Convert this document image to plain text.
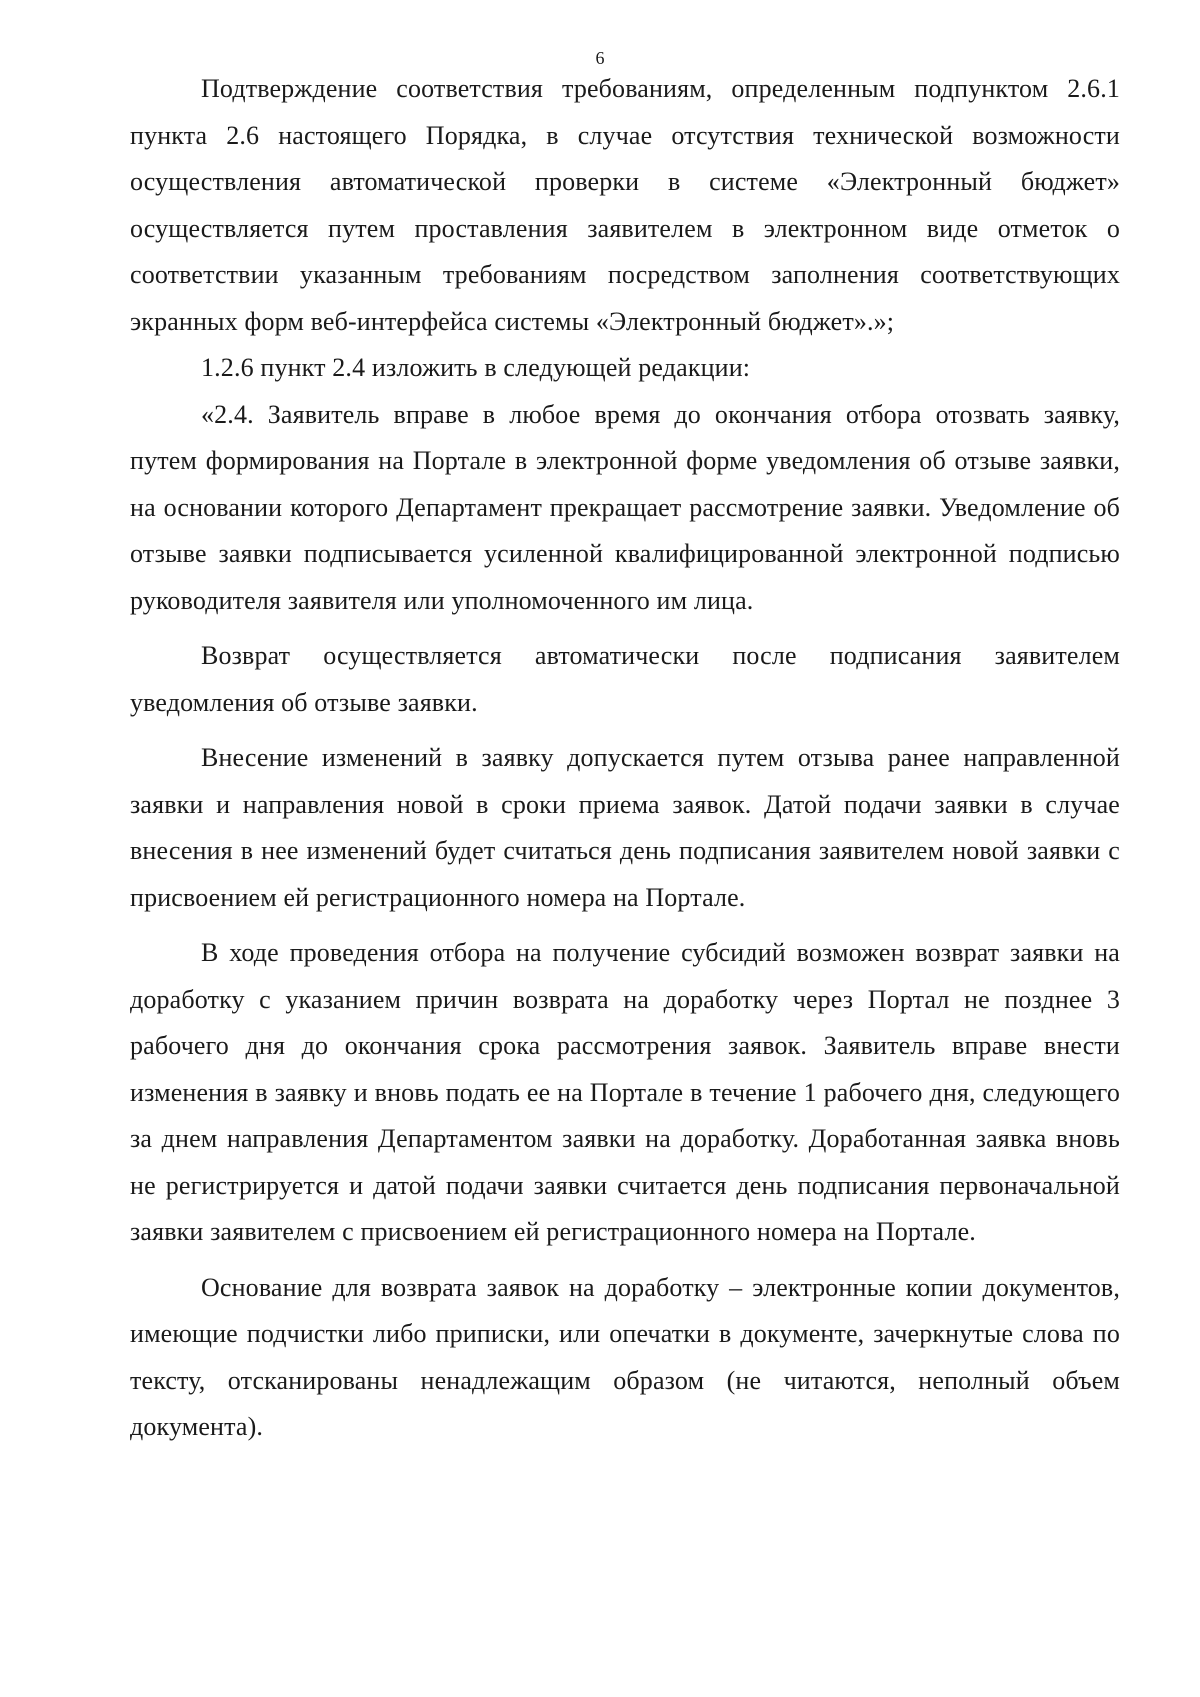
6

Подтверждение соответствия требованиям, определенным подпунктом 2.6.1 пункта 2.6 настоящего Порядка, в случае отсутствия технической возможности осуществления автоматической проверки в системе «Электронный бюджет» осуществляется путем проставления заявителем в электронном виде отметок о соответствии указанным требованиям посредством заполнения соответствующих экранных форм веб-интерфейса системы «Электронный бюджет».»;

1.2.6 пункт 2.4 изложить в следующей редакции:

«2.4. Заявитель вправе в любое время до окончания отбора отозвать заявку, путем формирования на Портале в электронной форме уведомления об отзыве заявки, на основании которого Департамент прекращает рассмотрение заявки. Уведомление об отзыве заявки подписывается усиленной квалифицированной электронной подписью руководителя заявителя или уполномоченного им лица.

Возврат осуществляется автоматически после подписания заявителем уведомления об отзыве заявки.

Внесение изменений в заявку допускается путем отзыва ранее направленной заявки и направления новой в сроки приема заявок. Датой подачи заявки в случае внесения в нее изменений будет считаться день подписания заявителем новой заявки с присвоением ей регистрационного номера на Портале.

В ходе проведения отбора на получение субсидий возможен возврат заявки на доработку с указанием причин возврата на доработку через Портал не позднее 3 рабочего дня до окончания срока рассмотрения заявок. Заявитель вправе внести изменения в заявку и вновь подать ее на Портале в течение 1 рабочего дня, следующего за днем направления Департаментом заявки на доработку. Доработанная заявка вновь не регистрируется и датой подачи заявки считается день подписания первоначальной заявки заявителем с присвоением ей регистрационного номера на Портале.

Основание для возврата заявок на доработку – электронные копии документов, имеющие подчистки либо приписки, или опечатки в документе, зачеркнутые слова по тексту, отсканированы ненадлежащим образом (не читаются, неполный объем документа).
